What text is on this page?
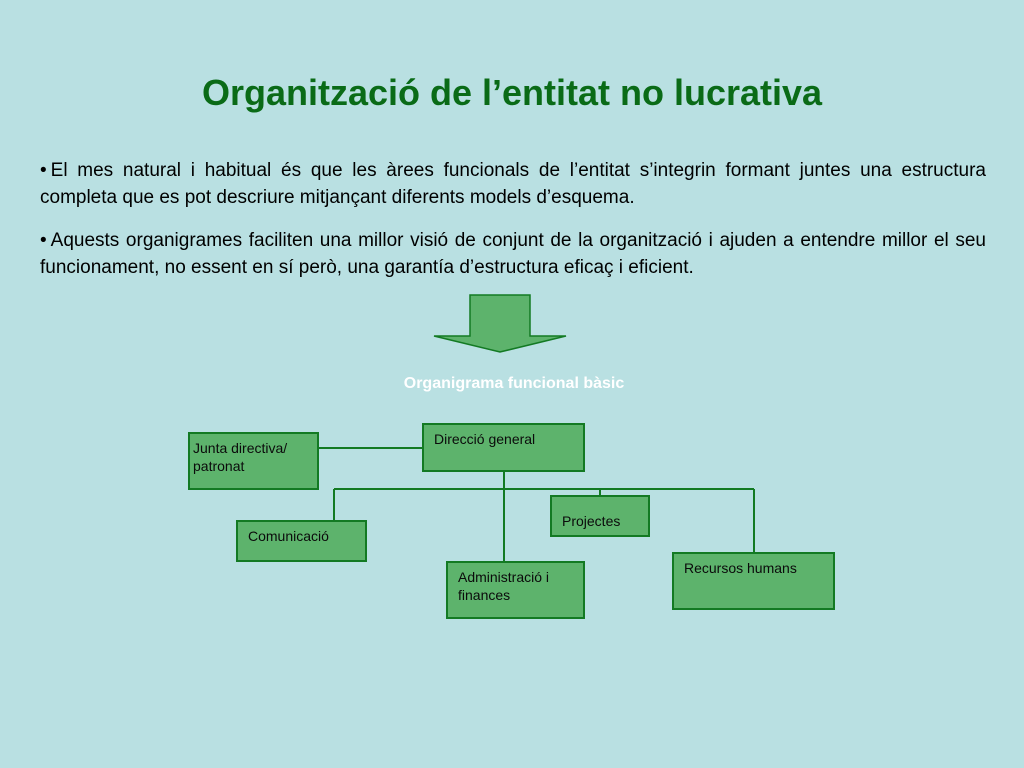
Organització de l’entitat no lucrativa

• El mes natural i habitual és que les àrees funcionals de l’entitat s’integrin formant juntes una estructura completa que es pot descriure mitjançant diferents models d’esquema.

• Aquests organigrames faciliten una millor visió de conjunt de la organització i ajuden a entendre millor el seu funcionament, no essent en sí però, una garantía d’estructura eficaç i eficient.

Organigrama funcional bàsic
Direcció general
Junta directiva/ patronat
Projectes
Comunicació
Recursos humans
Administració i finances
